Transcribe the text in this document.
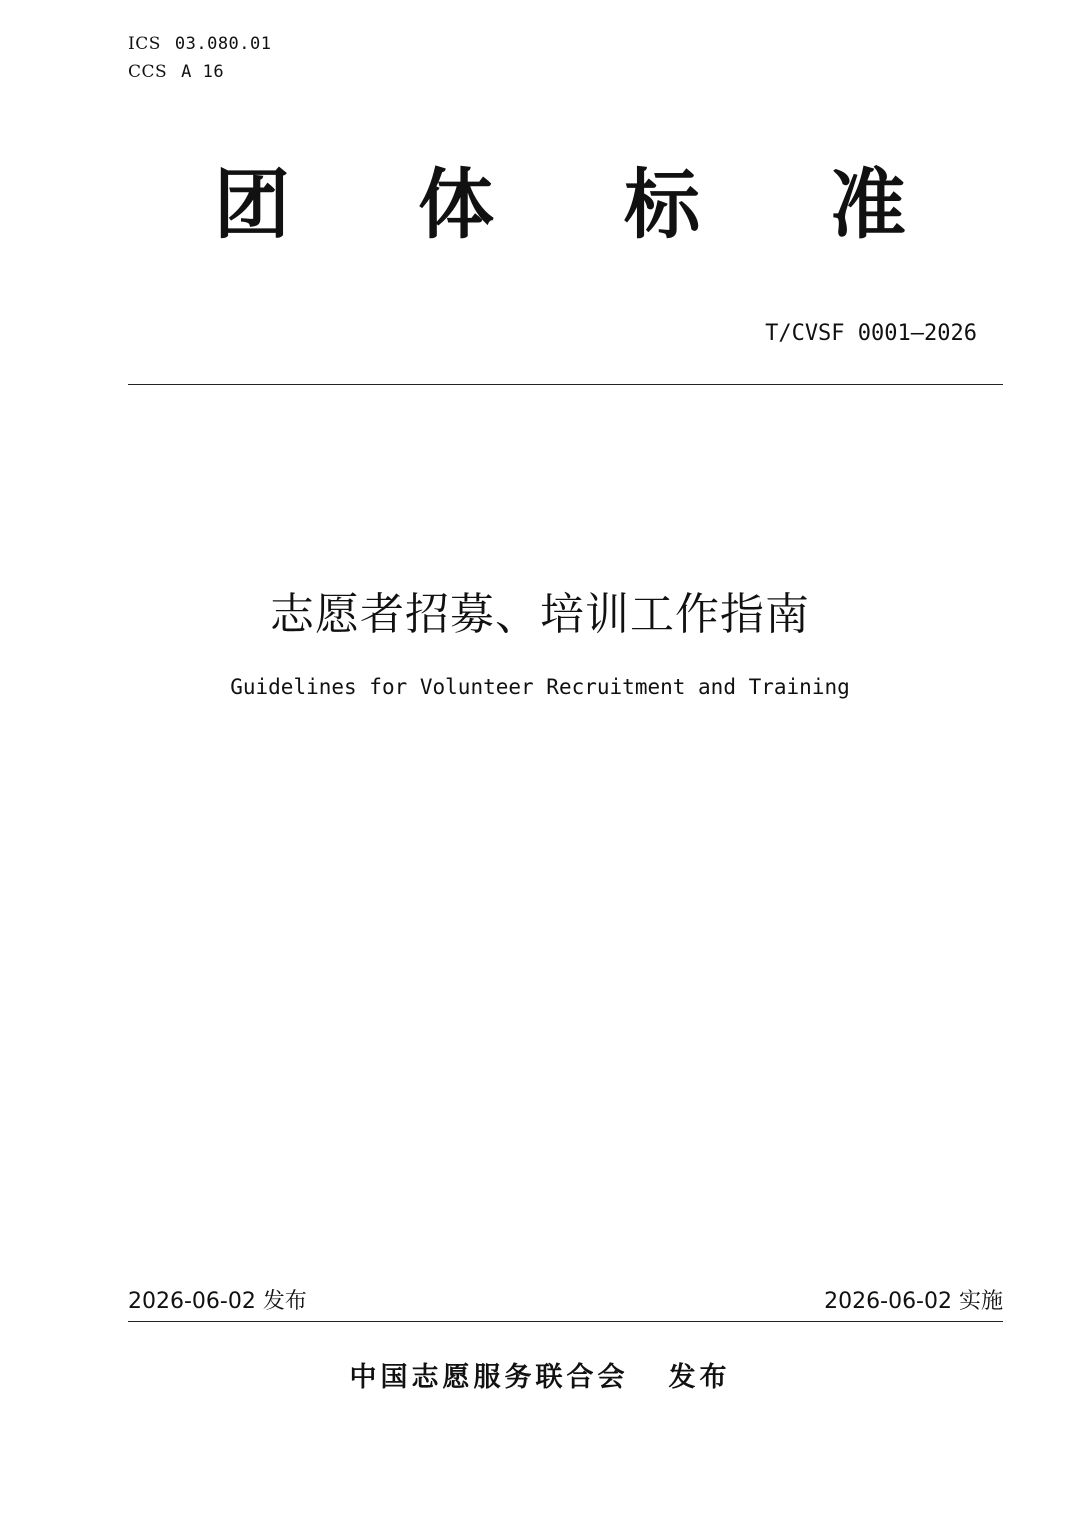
ICS 03.080.01
CCS A 16
团 体 标 准
T/CVSF 0001—2026
志愿者招募、培训工作指南
Guidelines for Volunteer Recruitment and Training
2026-06-02 发布	2026-06-02 实施
中国志愿服务联合会 发布
